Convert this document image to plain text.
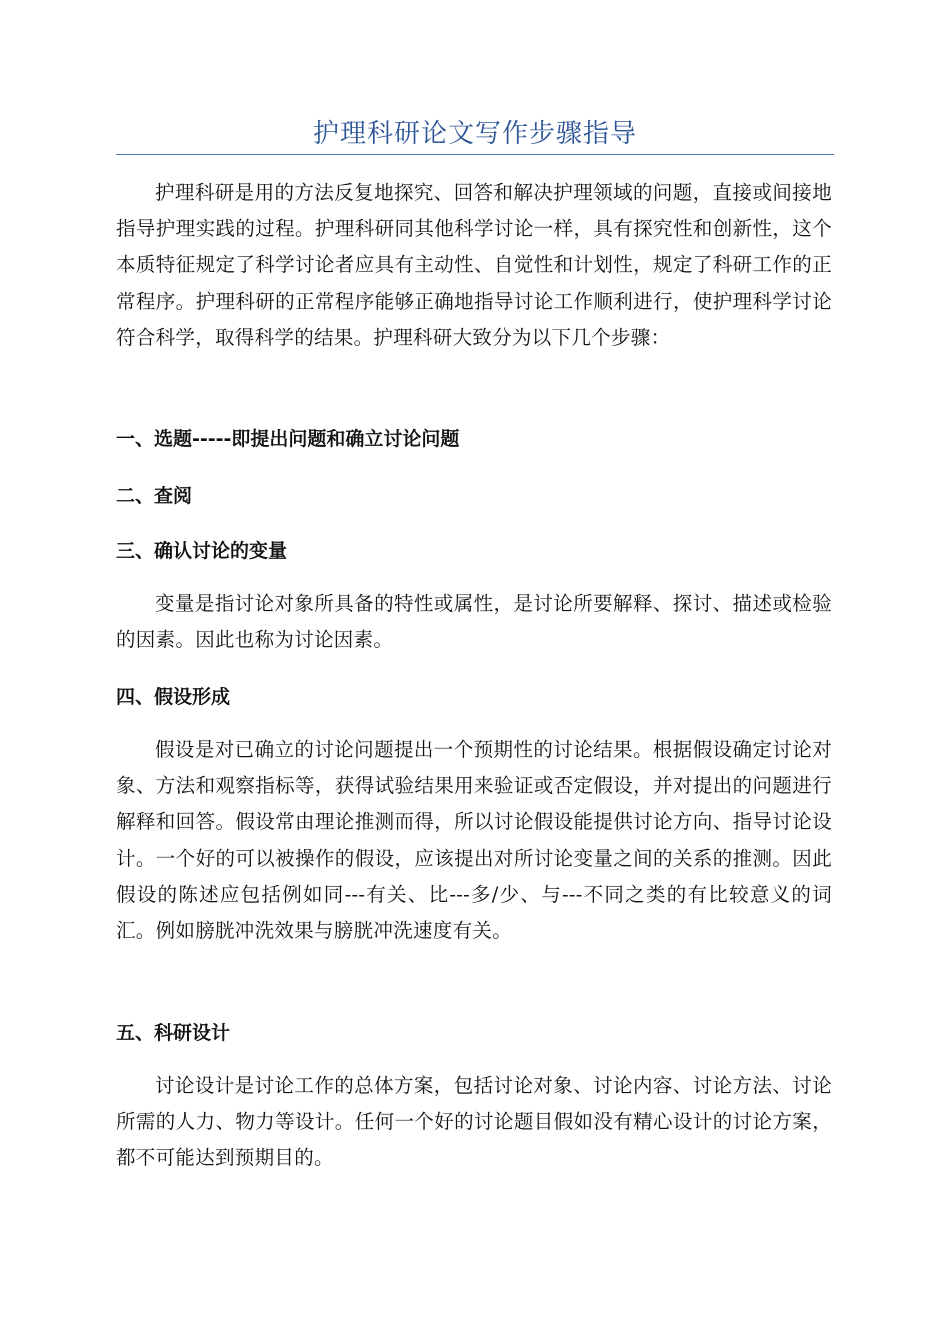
护理科研论文写作步骤指导

护理科研是用的方法反复地探究、回答和解决护理领域的问题，直接或间接地指导护理实践的过程。护理科研同其他科学讨论一样，具有探究性和创新性，这个本质特征规定了科学讨论者应具有主动性、自觉性和计划性，规定了科研工作的正常程序。护理科研的正常程序能够正确地指导讨论工作顺利进行，使护理科学讨论符合科学，取得科学的结果。护理科研大致分为以下几个步骤：

一、选题-----即提出问题和确立讨论问题
二、查阅
三、确认讨论的变量

变量是指讨论对象所具备的特性或属性，是讨论所要解释、探讨、描述或检验的因素。因此也称为讨论因素。

四、假设形成

假设是对已确立的讨论问题提出一个预期性的讨论结果。根据假设确定讨论对象、方法和观察指标等，获得试验结果用来验证或否定假设，并对提出的问题进行解释和回答。假设常由理论推测而得，所以讨论假设能提供讨论方向、指导讨论设计。一个好的可以被操作的假设，应该提出对所讨论变量之间的关系的推测。因此假设的陈述应包括例如同---有关、比---多/少、与---不同之类的有比较意义的词汇。例如膀胱冲洗效果与膀胱冲洗速度有关。

五、科研设计

讨论设计是讨论工作的总体方案，包括讨论对象、讨论内容、讨论方法、讨论所需的人力、物力等设计。任何一个好的讨论题目假如没有精心设计的讨论方案，都不可能达到预期目的。
